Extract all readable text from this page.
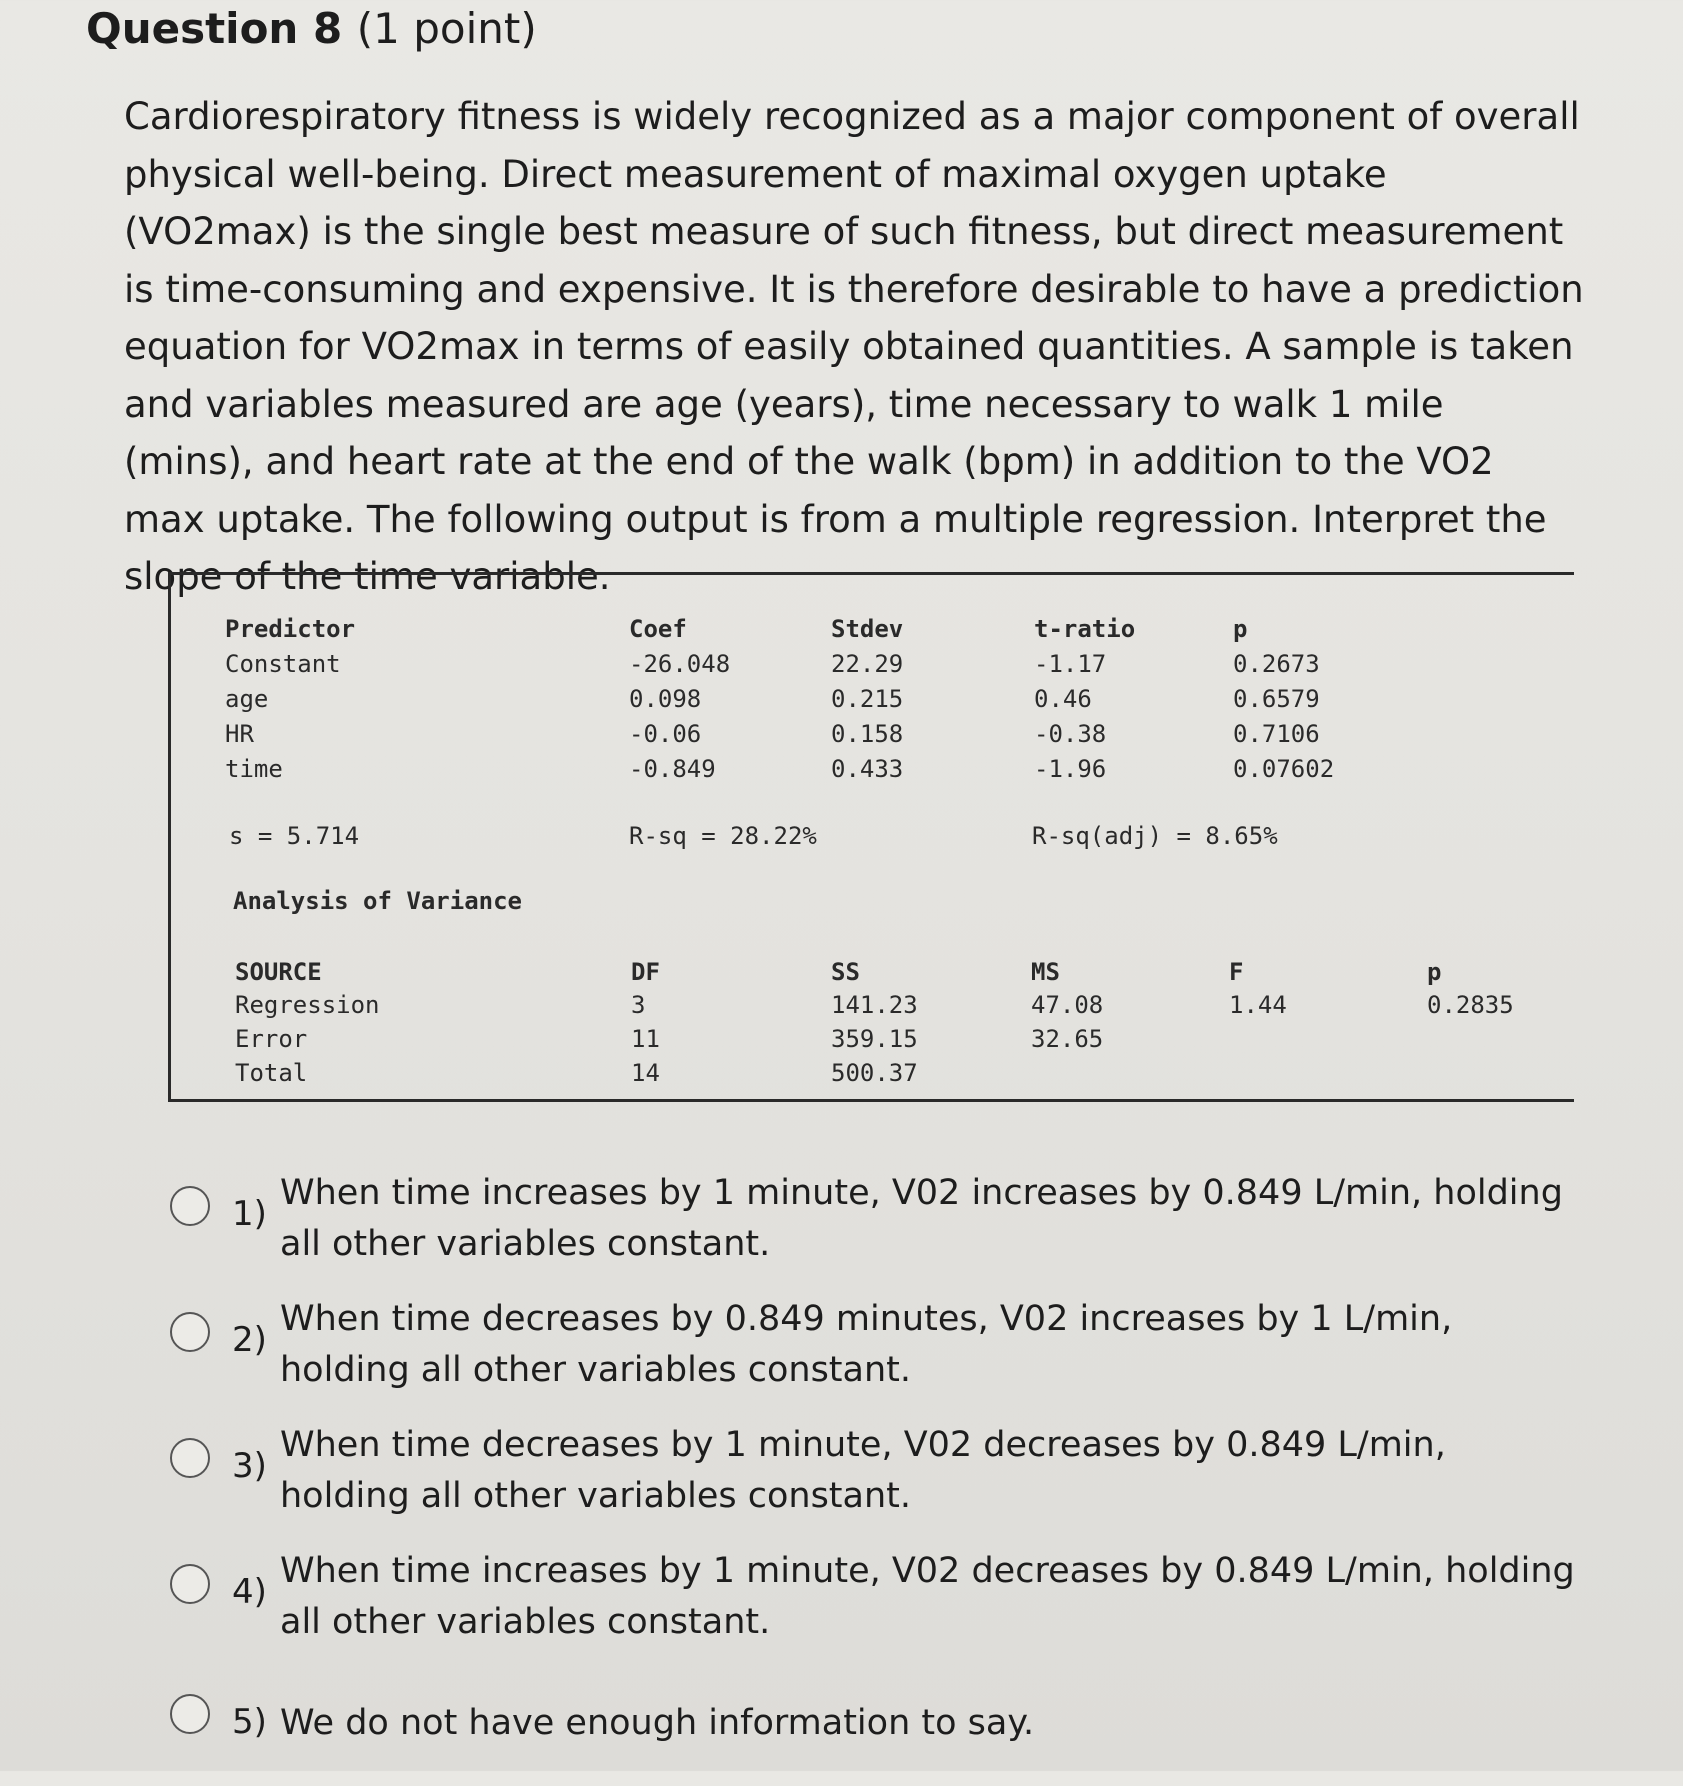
Question 8 (1 point)

Cardiorespiratory fitness is widely recognized as a major component of overall physical well-being. Direct measurement of maximal oxygen uptake (VO2max) is the single best measure of such fitness, but direct measurement is time-consuming and expensive. It is therefore desirable to have a prediction equation for VO2max in terms of easily obtained quantities. A sample is taken and variables measured are age (years), time necessary to walk 1 mile (mins), and heart rate at the end of the walk (bpm) in addition to the VO2 max uptake. The following output is from a multiple regression. Interpret the slope of the time variable.

Predictor	Coef	Stdev	t-ratio	p
Constant	-26.048	22.29	-1.17	0.2673
age	0.098	0.215	0.46	0.6579
HR	-0.06	0.158	-0.38	0.7106
time	-0.849	0.433	-1.96	0.07602
s = 5.714	R-sq = 28.22%	R-sq(adj) = 8.65%
Analysis of Variance
SOURCE	DF	SS	MS	F	p
Regression	3	141.23	47.08	1.44	0.2835
Error	11	359.15	32.65
Total	14	500.37
1)
When time increases by 1 minute, V02 increases by 0.849 L/min, holding all other variables constant.
2)
When time decreases by 0.849 minutes, V02 increases by 1 L/min, holding all other variables constant.
3)
When time decreases by 1 minute, V02 decreases by 0.849 L/min, holding all other variables constant.
4)
When time increases by 1 minute, V02 decreases by 0.849 L/min, holding all other variables constant.
5) We do not have enough information to say.
